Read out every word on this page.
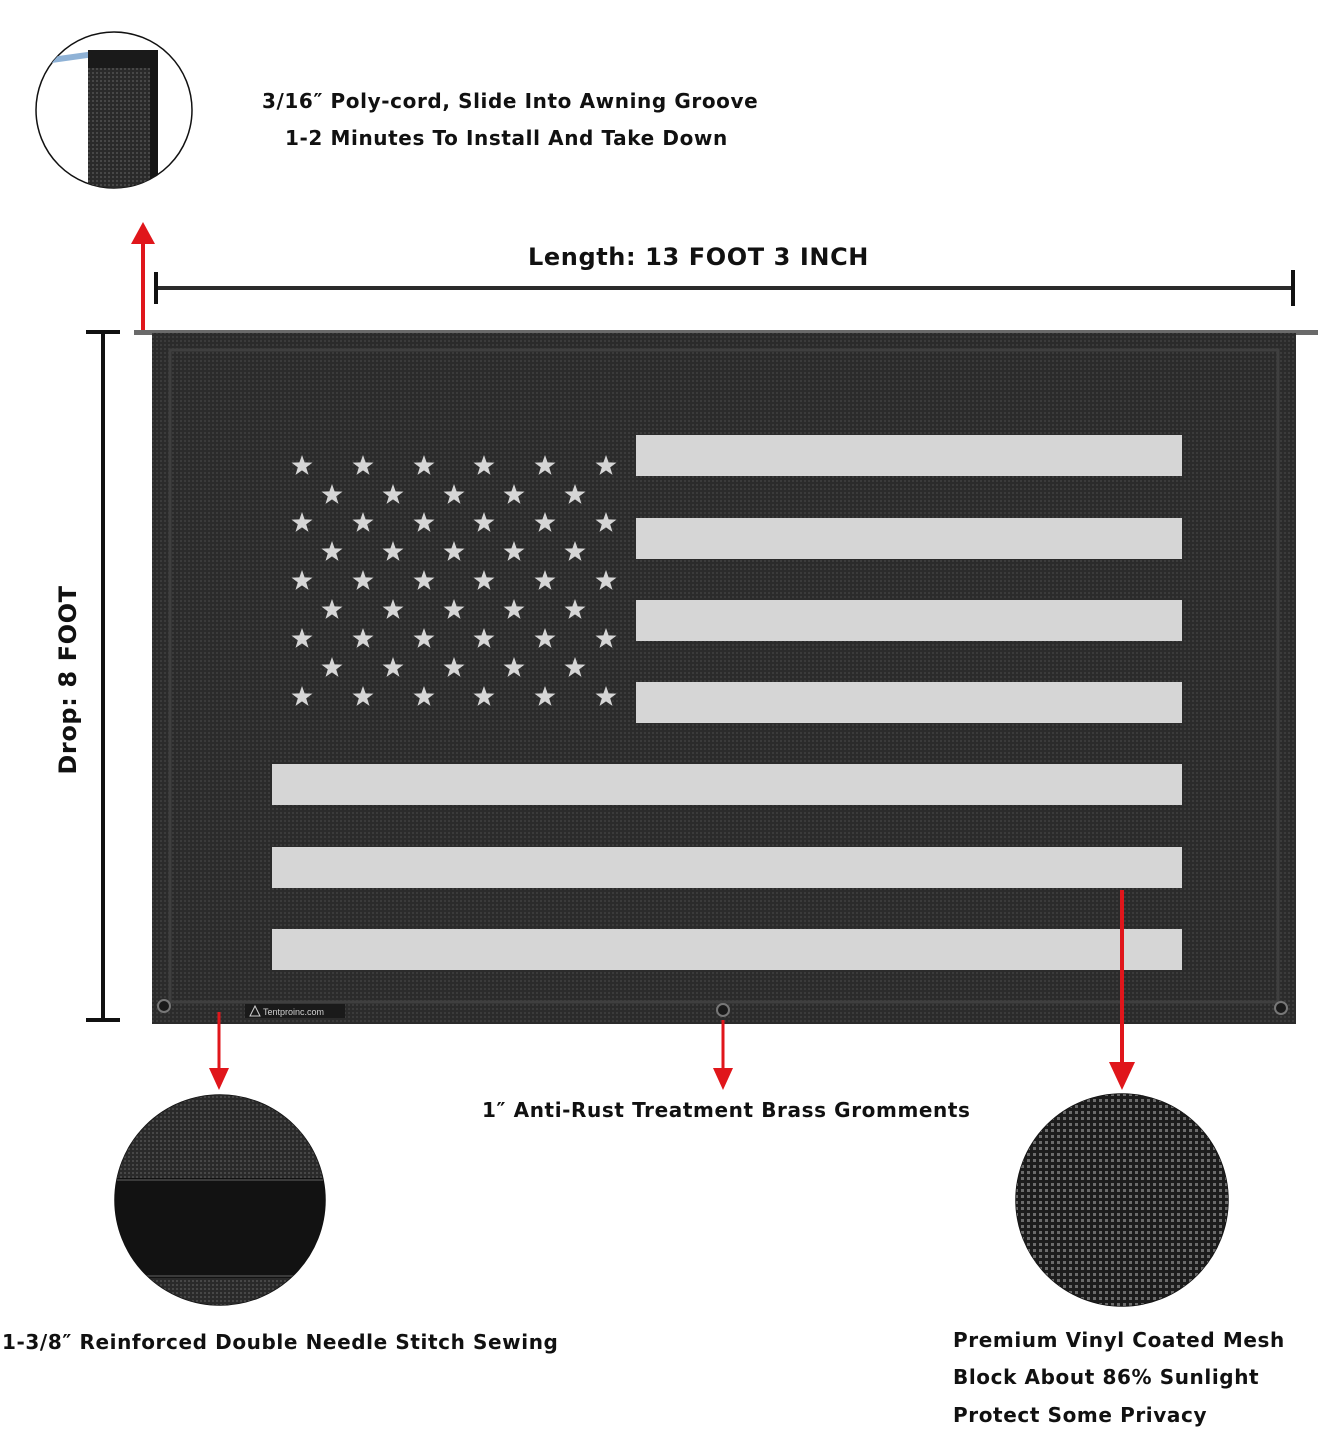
Tentproinc.com
3/16″ Poly-cord, Slide Into Awning Groove
1-2 Minutes To Install And Take Down
Length: 13 FOOT 3 INCH
Drop: 8 FOOT
1″ Anti-Rust Treatment Brass Gromments
1-3/8″ Reinforced Double Needle Stitch Sewing	Premium Vinyl Coated Mesh
Block About 86% Sunlight
Protect Some Privacy
